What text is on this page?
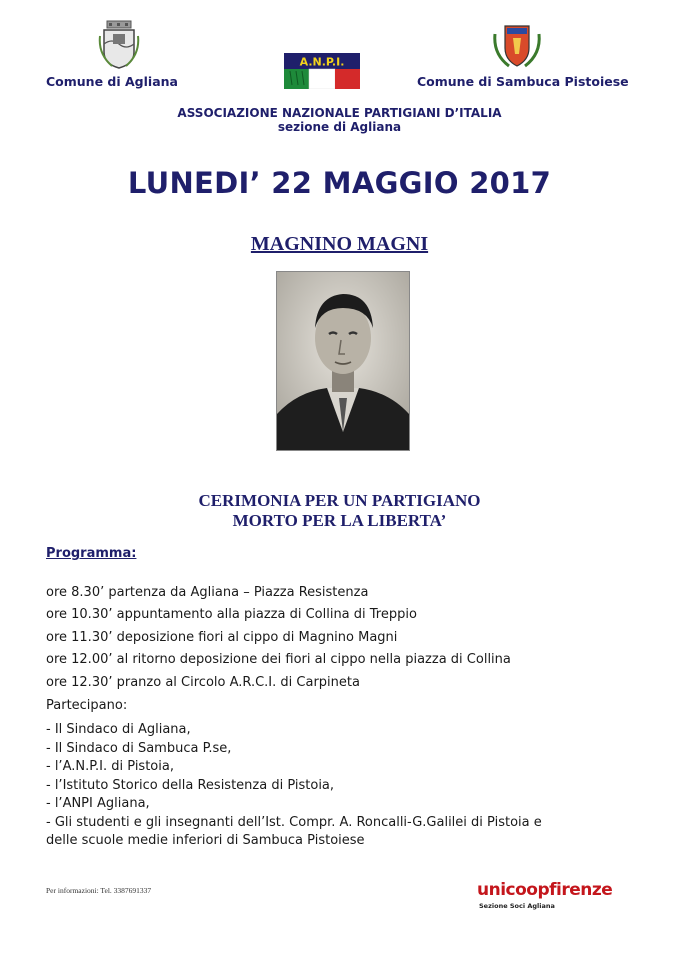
A.N.P.I.
Comune di Agliana	Comune di Sambuca Pistoiese
ASSOCIAZIONE NAZIONALE PARTIGIANI D’ITALIA
sezione di Agliana
LUNEDI’ 22 MAGGIO 2017
MAGNINO MAGNI
CERIMONIA PER UN PARTIGIANO
MORTO PER LA LIBERTA’
Programma:
ore 8.30’ partenza da Agliana – Piazza Resistenza
ore 10.30’ appuntamento alla piazza di Collina di Treppio
ore 11.30’ deposizione fiori al cippo di Magnino Magni
ore 12.00’ al ritorno deposizione dei fiori al cippo nella piazza di Collina
ore 12.30’ pranzo al Circolo A.R.C.I. di Carpineta
Partecipano:
- Il Sindaco di Agliana,
- Il Sindaco di Sambuca P.se,
- l’A.N.P.I. di Pistoia,
- l’Istituto Storico della Resistenza di Pistoia,
- l’ANPI Agliana,
- Gli studenti e gli insegnanti dell’Ist. Compr. A. Roncalli-G.Galilei di Pistoia e
delle scuole medie inferiori di Sambuca Pistoiese
Per informazioni: Tel. 3387691337	unicoopfirenze
Sezione Soci Agliana
